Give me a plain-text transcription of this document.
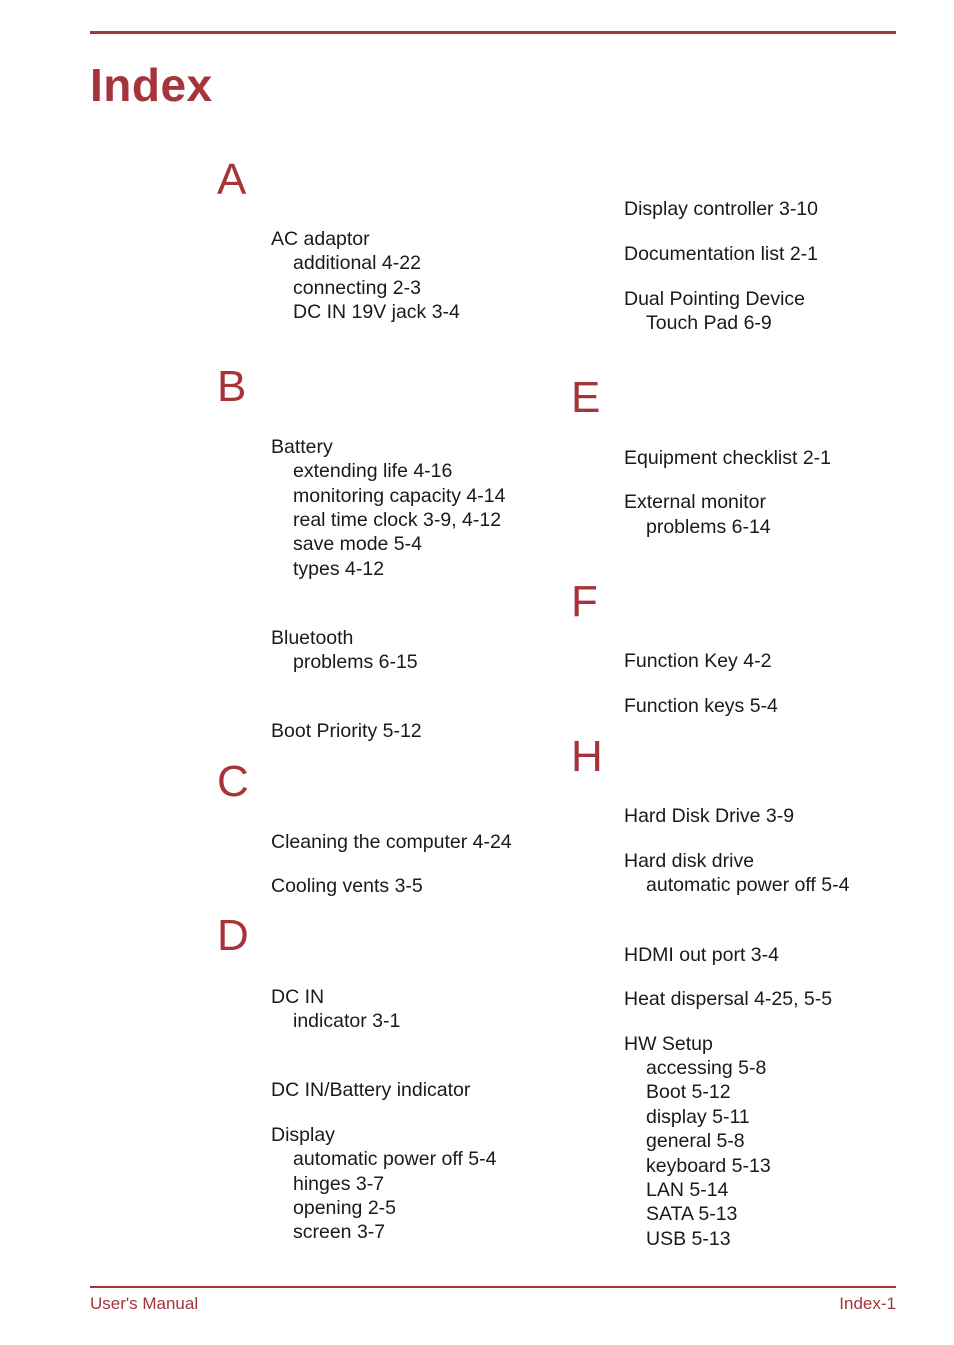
Index
A
AC adaptor
additional 4-22
connecting 2-3
DC IN 19V jack 3-4
B
Battery
extending life 4-16
monitoring capacity 4-14
real time clock 3-9, 4-12
save mode 5-4
types 4-12
Bluetooth
problems 6-15
Boot Priority 5-12
C
Cleaning the computer 4-24
Cooling vents 3-5
D
DC IN
indicator 3-1
DC IN/Battery indicator
Display
automatic power off 5-4
hinges 3-7
opening 2-5
screen 3-7
Display controller 3-10
Documentation list 2-1
Dual Pointing Device
Touch Pad 6-9
E
Equipment checklist 2-1
External monitor
problems 6-14
F
Function Key 4-2
Function keys 5-4
H
Hard Disk Drive 3-9
Hard disk drive
automatic power off 5-4
HDMI out port 3-4
Heat dispersal 4-25, 5-5
HW Setup
accessing 5-8
Boot 5-12
display 5-11
general 5-8
keyboard 5-13
LAN 5-14
SATA 5-13
USB 5-13
User's Manual	Index-1
